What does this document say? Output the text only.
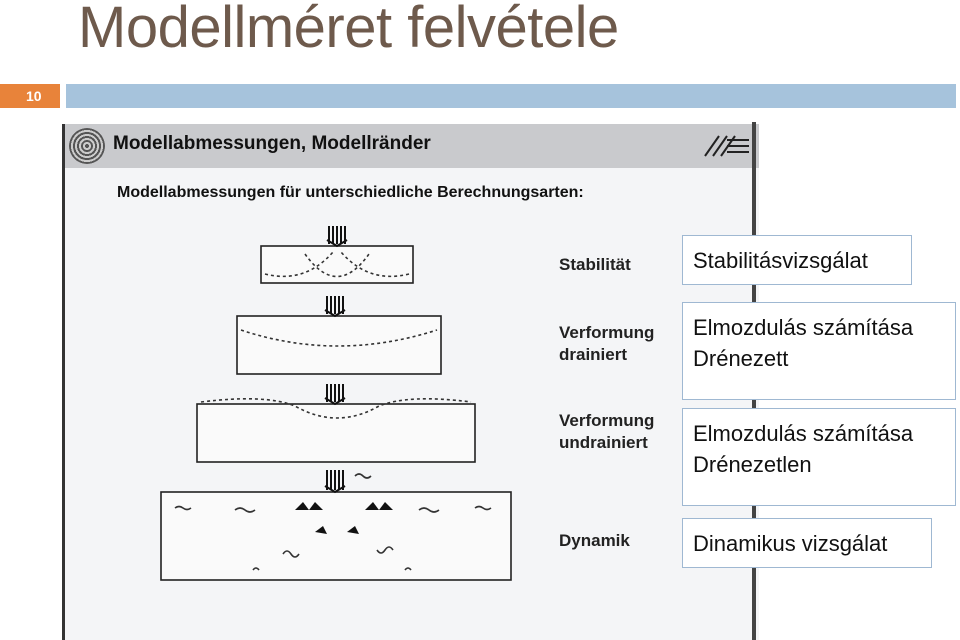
Modellméret felvétele
10
Modellabmessungen, Modellränder
Modellabmessungen für unterschiedliche Berechnungsarten:
Stabilität
Verformung
drainiert
Verformung
undrainiert
Dynamik
Stabilitásvizsgálat
Elmozdulás számítása
Drénezett
Elmozdulás számítása
Drénezetlen
Dinamikus vizsgálat
